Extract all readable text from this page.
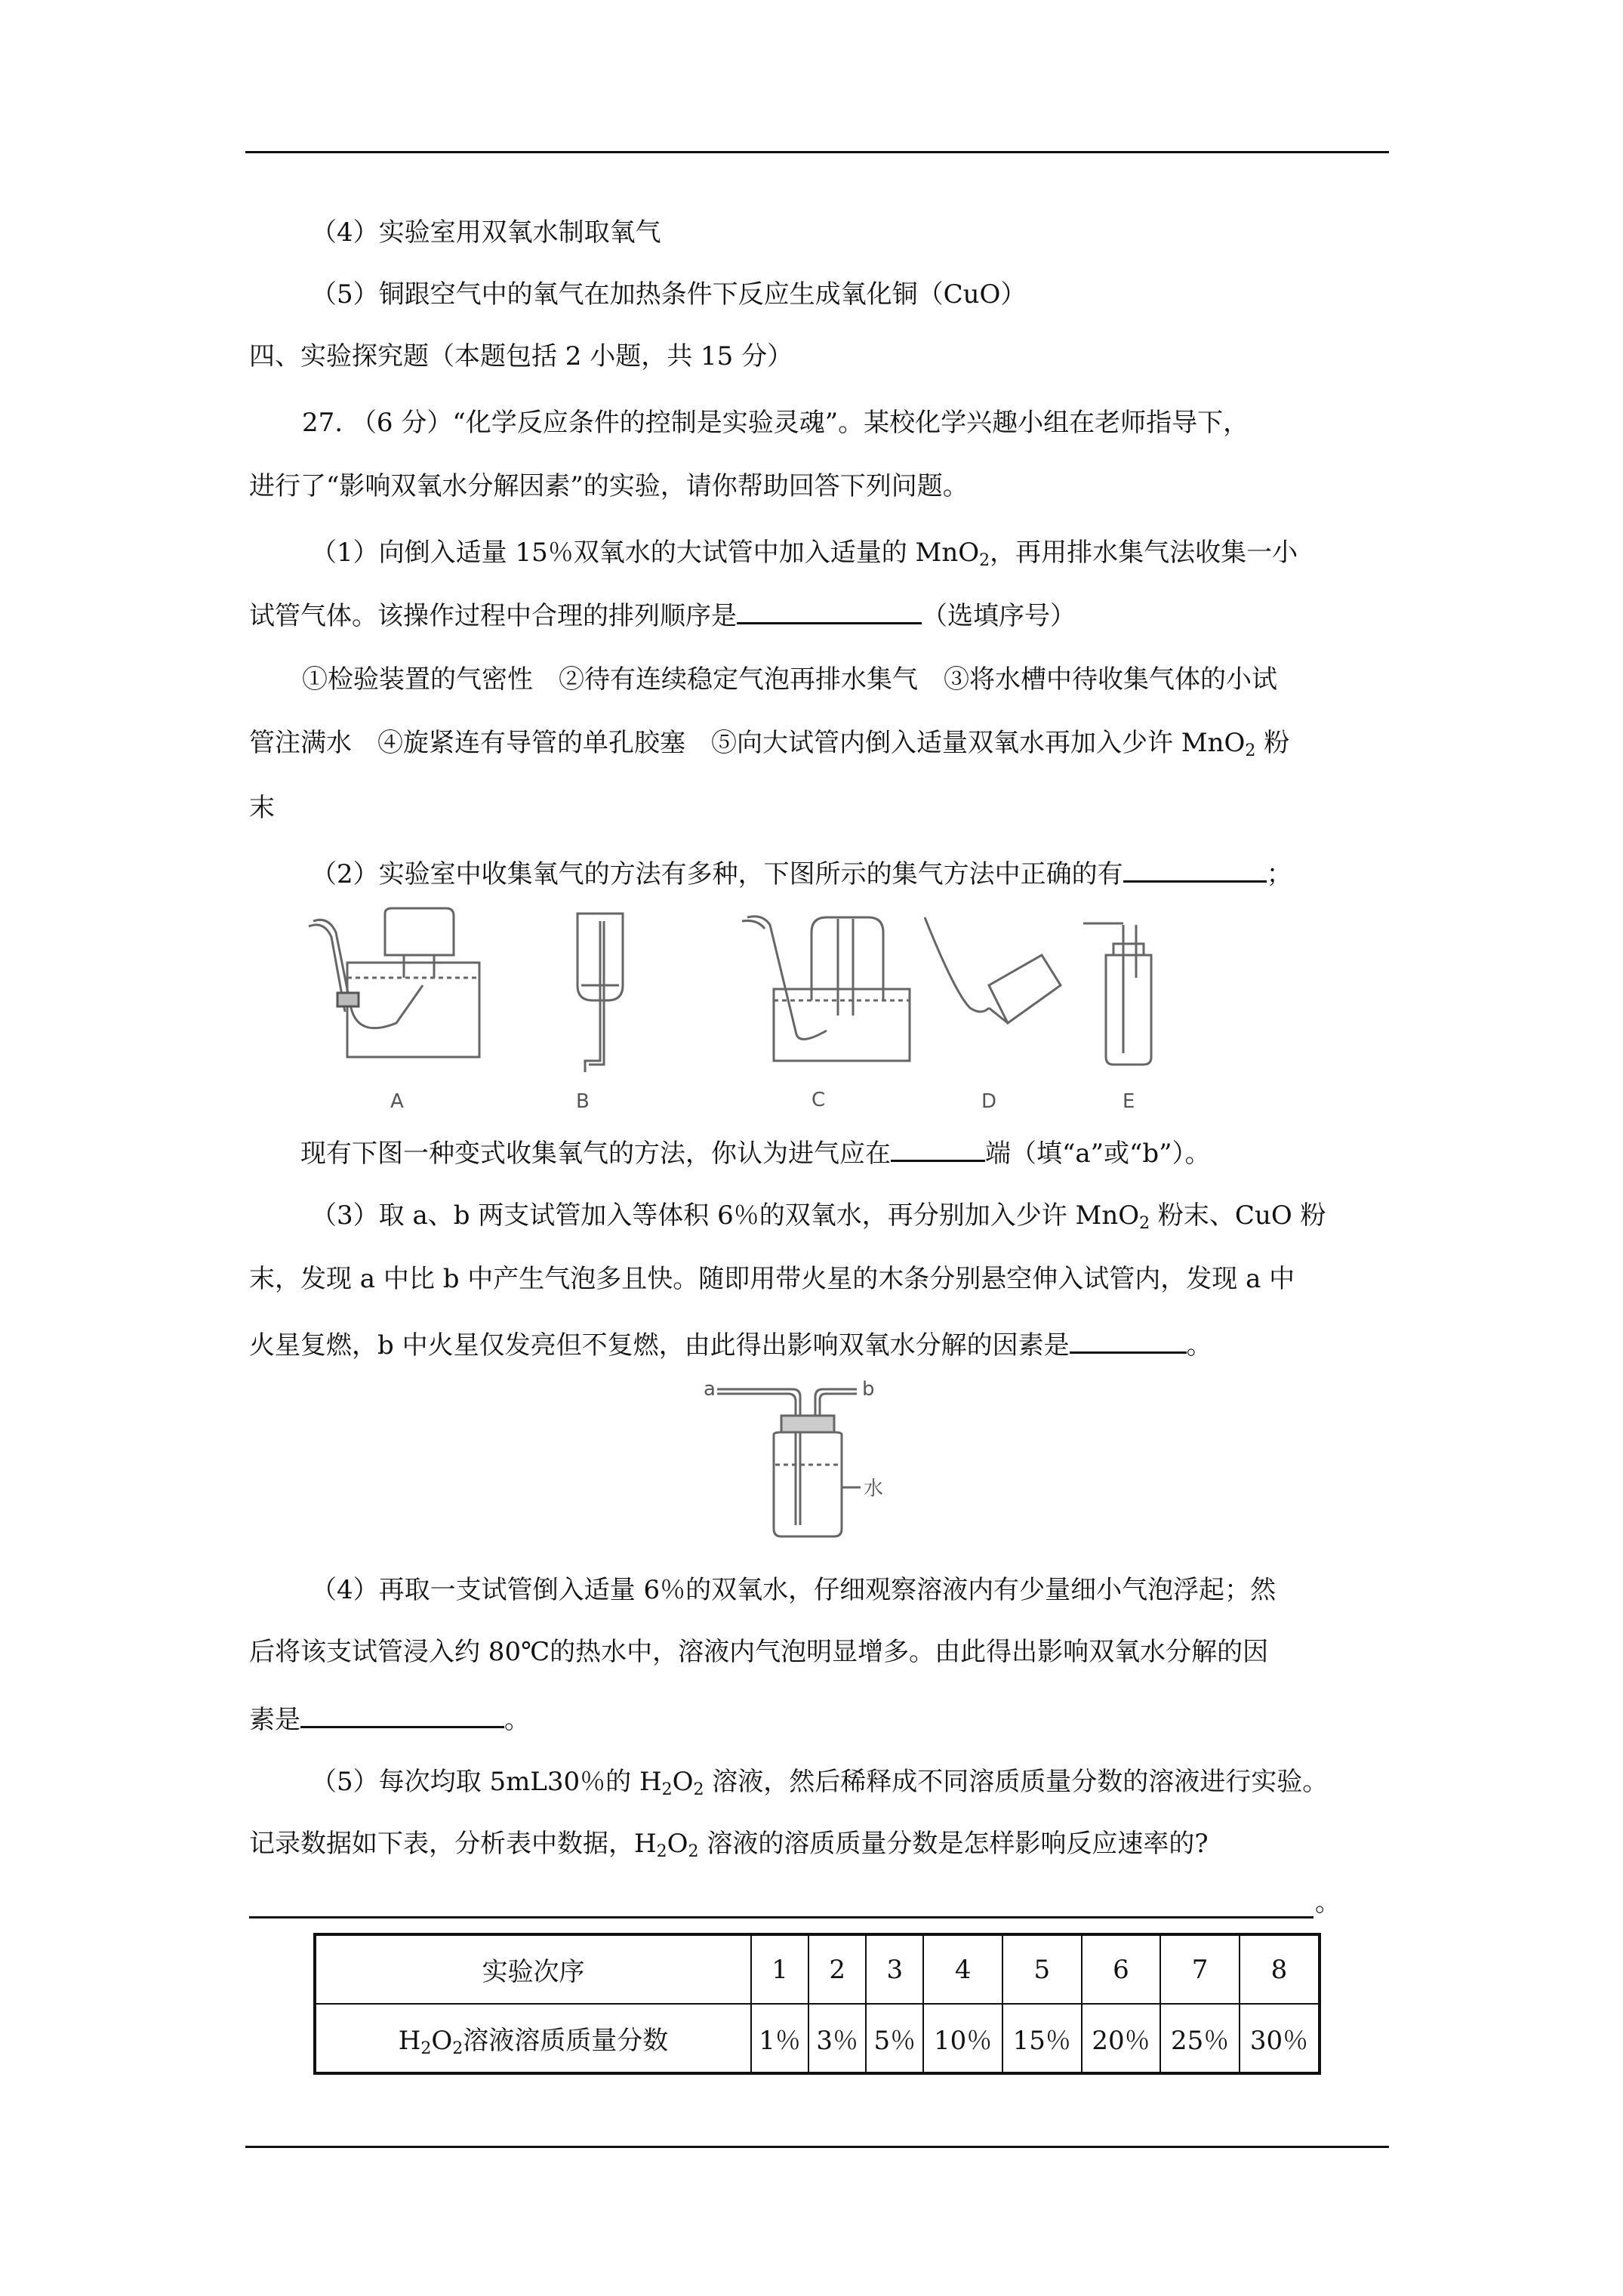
（4）实验室用双氧水制取氧气
（5）铜跟空气中的氧气在加热条件下反应生成氧化铜（CuO）
四、实验探究题（本题包括 2 小题，共 15 分）
27. （6 分）“化学反应条件的控制是实验灵魂”。某校化学兴趣小组在老师指导下，
进行了“影响双氧水分解因素”的实验，请你帮助回答下列问题。
（1）向倒入适量 15％双氧水的大试管中加入适量的 MnO$_2$，再用排水集气法收集一小
试管气体。该操作过程中合理的排列顺序是	（选填序号）
①检验装置的气密性　②待有连续稳定气泡再排水集气　③将水槽中待收集气体的小试
管注满水　④旋紧连有导管的单孔胶塞　⑤向大试管内倒入适量双氧水再加入少许 MnO$_2$ 粉
末
（2）实验室中收集氧气的方法有多种，下图所示的集气方法中正确的有	；
A	B	C	D	E
现有下图一种变式收集氧气的方法，你认为进气应在	端（填“a”或“b”）。
（3）取 a、b 两支试管加入等体积 6％的双氧水，再分别加入少许 MnO$_2$ 粉末、CuO 粉
末，发现 a 中比 b 中产生气泡多且快。随即用带火星的木条分别悬空伸入试管内，发现 a 中
火星复燃，b 中火星仅发亮但不复燃，由此得出影响双氧水分解的因素是	。
a	b
水
（4）再取一支试管倒入适量 6％的双氧水，仔细观察溶液内有少量细小气泡浮起；然
后将该支试管浸入约 80℃的热水中，溶液内气泡明显增多。由此得出影响双氧水分解的因
素是	。
（5）每次均取 5mL30％的 $H_2O_2$ 溶液，然后稀释成不同溶质质量分数的溶液进行实验。
记录数据如下表，分析表中数据，$H_2O_2$ 溶液的溶质质量分数是怎样影响反应速率的?
。
实验次序	1	2	3	4	5	6	7	8
$H_2O_2$溶液溶质质量分数	1％	3％	5％	10％	15％	20％	25％	30％
